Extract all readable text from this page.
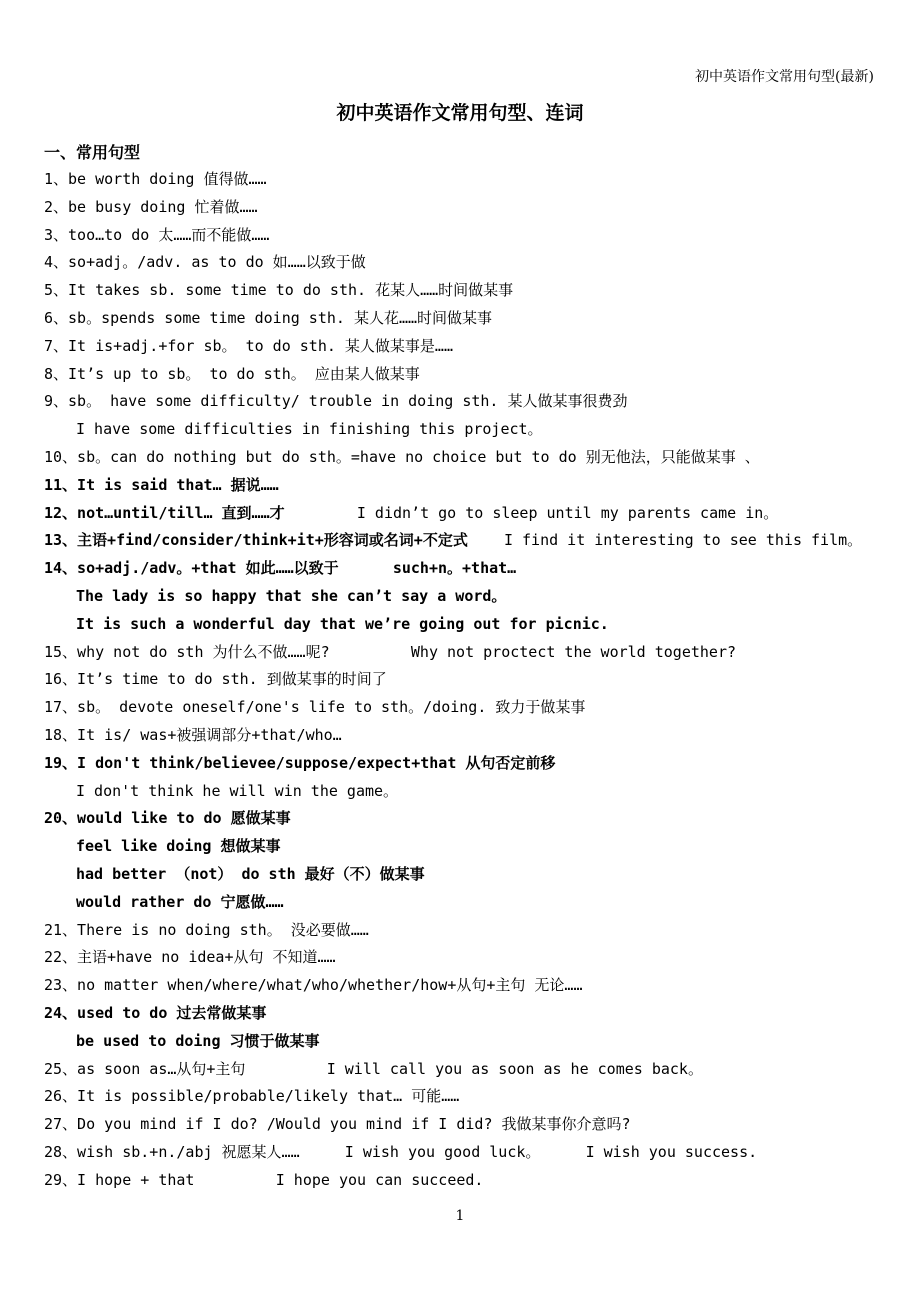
初中英语作文常用句型(最新)
初中英语作文常用句型、连词
一、常用句型
1、be worth doing 值得做……
2、be busy doing 忙着做……
3、too…to do 太……而不能做……
4、so+adj。/adv. as to do 如……以致于做
5、It takes sb. some time to do sth. 花某人……时间做某事
6、sb。spends some time doing sth. 某人花……时间做某事
7、It is+adj.+for sb。 to do sth. 某人做某事是……
8、It’s up to sb。 to do sth。 应由某人做某事
9、sb。 have some difficulty/ trouble in doing sth. 某人做某事很费劲
I have some difficulties in finishing this project。
10、sb。can do nothing but do sth。=have no choice but to do 别无他法，只能做某事 、
11、It is said that… 据说……
12、not…until/till… 直到……才	I didn’t go to sleep until my parents came in。
13、主语+find/consider/think+it+形容词或名词+不定式 I find it interesting to see this film。
14、so+adj./adv。+that 如此……以致于	such+n。+that…
The lady is so happy that she can’t say a word。
It is such a wonderful day that we’re going out for picnic.
15、why not do sth 为什么不做……呢?	Why not proctect the world together?
16、It’s time to do sth. 到做某事的时间了
17、sb。 devote oneself/one's life to sth。/doing. 致力于做某事
18、It is/ was+被强调部分+that/who…
19、I don't think/believee/suppose/expect+that 从句否定前移
I don't think he will win the game。
20、would like to do 愿做某事
feel like doing 想做某事
had better （not） do sth 最好（不）做某事
would rather do 宁愿做……
21、There is no doing sth。 没必要做……
22、主语+have no idea+从句 不知道……
23、no matter when/where/what/who/whether/how+从句+主句 无论……
24、used to do 过去常做某事
be used to doing 习惯于做某事
25、as soon as…从句+主句	I will call you as soon as he comes back。
26、It is possible/probable/likely that… 可能……
27、Do you mind if I do? /Would you mind if I did? 我做某事你介意吗?
28、wish sb.+n./abj 祝愿某人……	I wish you good luck。	I wish you success.
29、I hope + that	I hope you can succeed.
1
